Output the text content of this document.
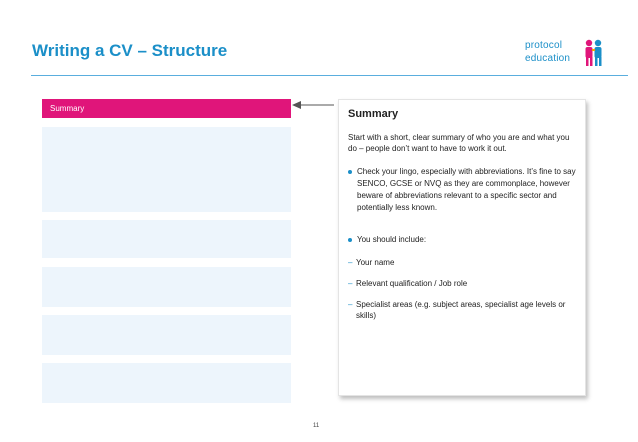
Writing a CV – Structure	protocol
education
Summary	Summary
Start with a short, clear summary of who you are and what you do – people don’t want to have to work it out.
Check your lingo, especially with abbreviations. It’s fine to say SENCO, GCSE or NVQ as they are commonplace, however beware of abbreviations relevant to a specific sector and potentially less known.
You should include:
– Your name
– Relevant qualification / Job role
– Specialist areas (e.g. subject areas, specialist age levels or skills)
11
